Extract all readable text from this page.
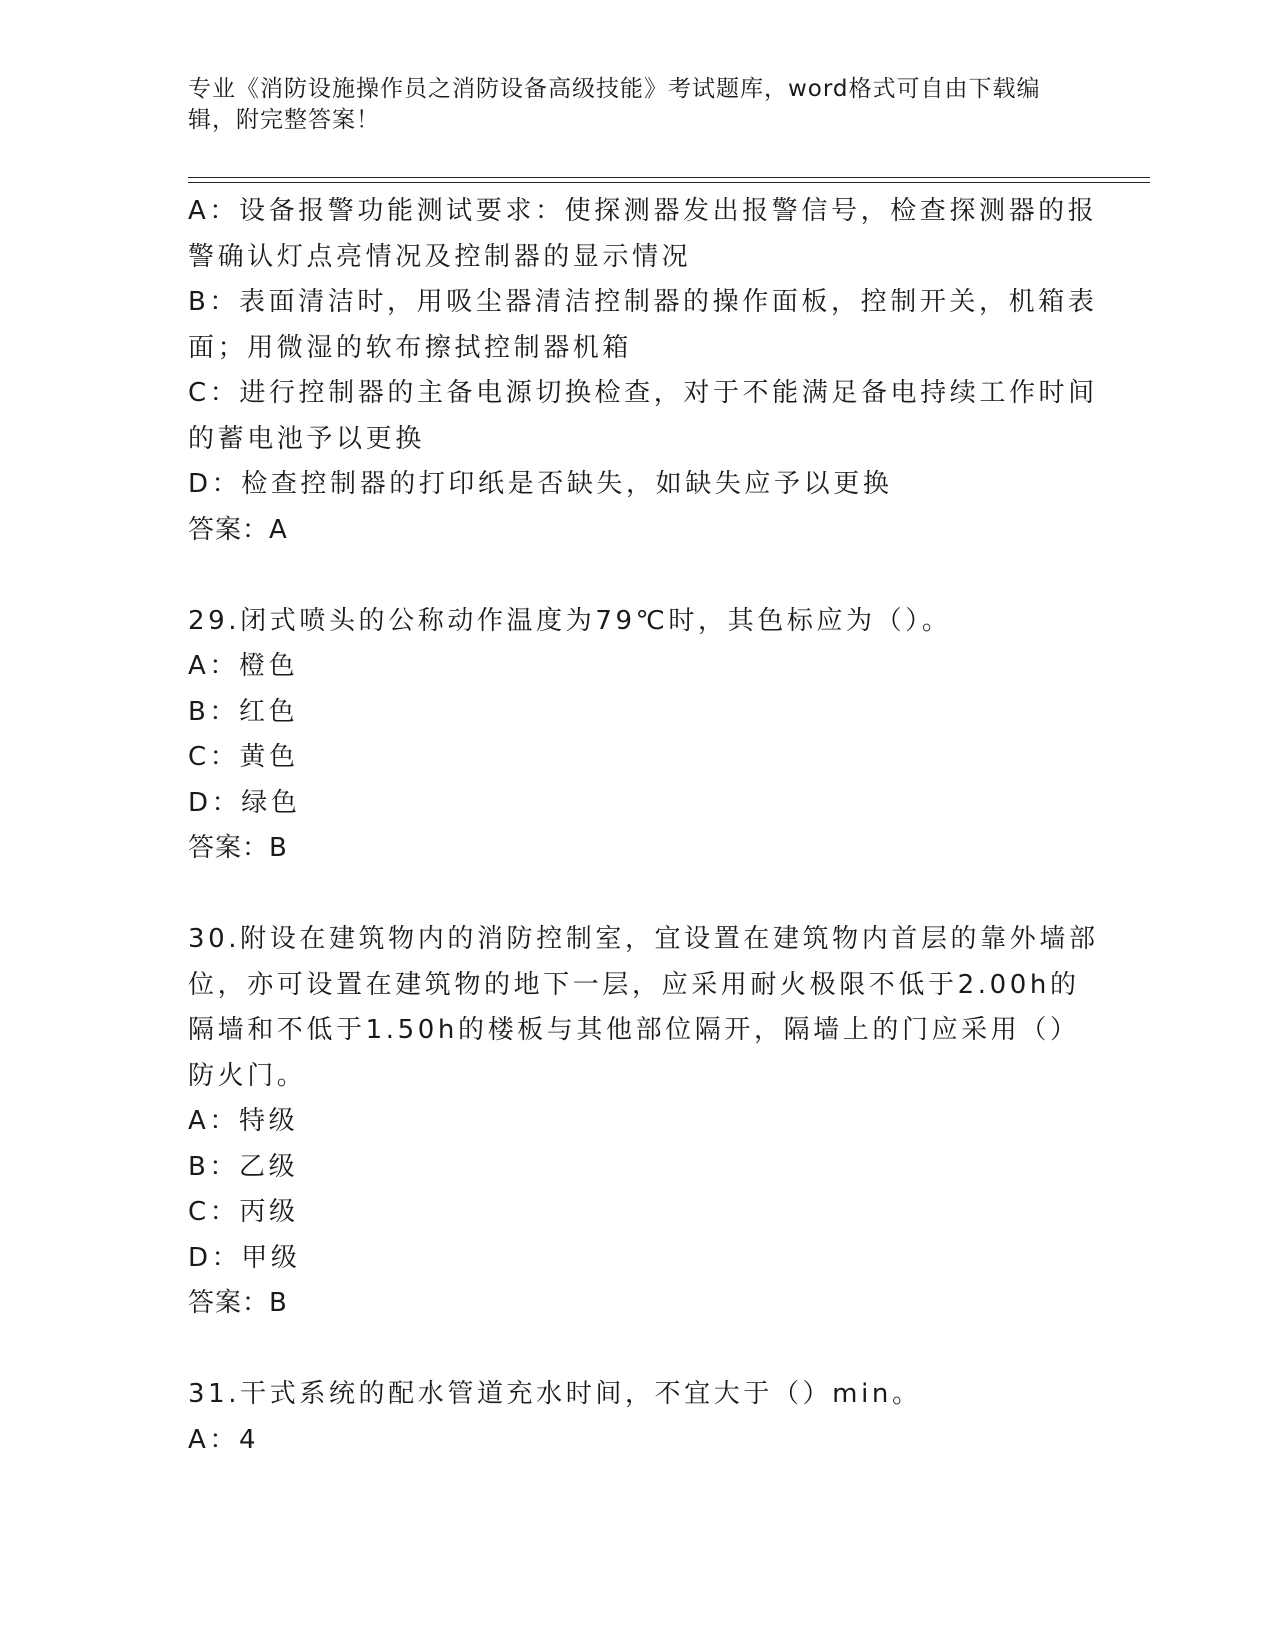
专业《消防设施操作员之消防设备高级技能》考试题库，word格式可自由下载编辑，附完整答案！

A：设备报警功能测试要求：使探测器发出报警信号，检查探测器的报

警确认灯点亮情况及控制器的显示情况

B：表面清洁时，用吸尘器清洁控制器的操作面板，控制开关，机箱表

面；用微湿的软布擦拭控制器机箱

C：进行控制器的主备电源切换检查，对于不能满足备电持续工作时间

的蓄电池予以更换

D：检查控制器的打印纸是否缺失，如缺失应予以更换

答案：A

29.闭式喷头的公称动作温度为79℃时，其色标应为（）。

A：橙色

B：红色

C：黄色

D：绿色

答案：B

30.附设在建筑物内的消防控制室，宜设置在建筑物内首层的靠外墙部

位，亦可设置在建筑物的地下一层，应采用耐火极限不低于2.00h的

隔墙和不低于1.50h的楼板与其他部位隔开，隔墙上的门应采用（）

防火门。

A：特级

B：乙级

C：丙级

D：甲级

答案：B

31.干式系统的配水管道充水时间，不宜大于（）min。

A：4
